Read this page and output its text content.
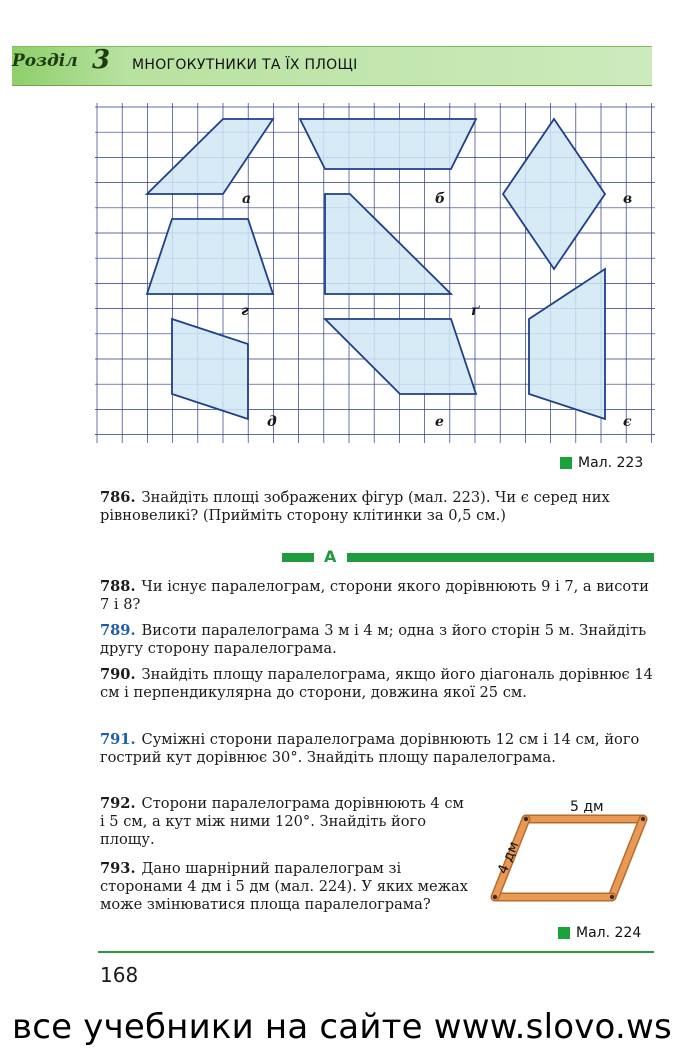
Розділ 3 МНОГОКУТНИКИ ТА ЇХ ПЛОЩІ
а	б	в
г	ґ
д	е	є
Мал. 223
786. Знайдіть площі зображених фігур (мал. 223). Чи є серед них рівновеликі? (Прийміть сторону клітинки за 0,5 см.)
А
788. Чи існує паралелограм, сторони якого дорівнюють 9 і 7, а висоти 7 і 8?
789. Висоти паралелограма 3 м і 4 м; одна з його сторін 5 м. Знайдіть другу сторону паралелограма.
790. Знайдіть площу паралелограма, якщо його діагональ дорівнює 14 см і перпендикулярна до сторони, довжина якої 25 см.
791. Суміжні сторони паралелограма дорівнюють 12 см і 14 см, його гострий кут дорівнює 30°. Знайдіть площу паралелограма.
792. Сторони паралелограма дорівнюють 4 см і 5 см, а кут між ними 120°. Знайдіть його площу.
793. Дано шарнірний паралелограм зі сторонами 4 дм і 5 дм (мал. 224). У яких межах може змінюватися площа паралелограма?
5 дм
4 дм
Мал. 224
168
все учебники на сайте www.slovo.ws
